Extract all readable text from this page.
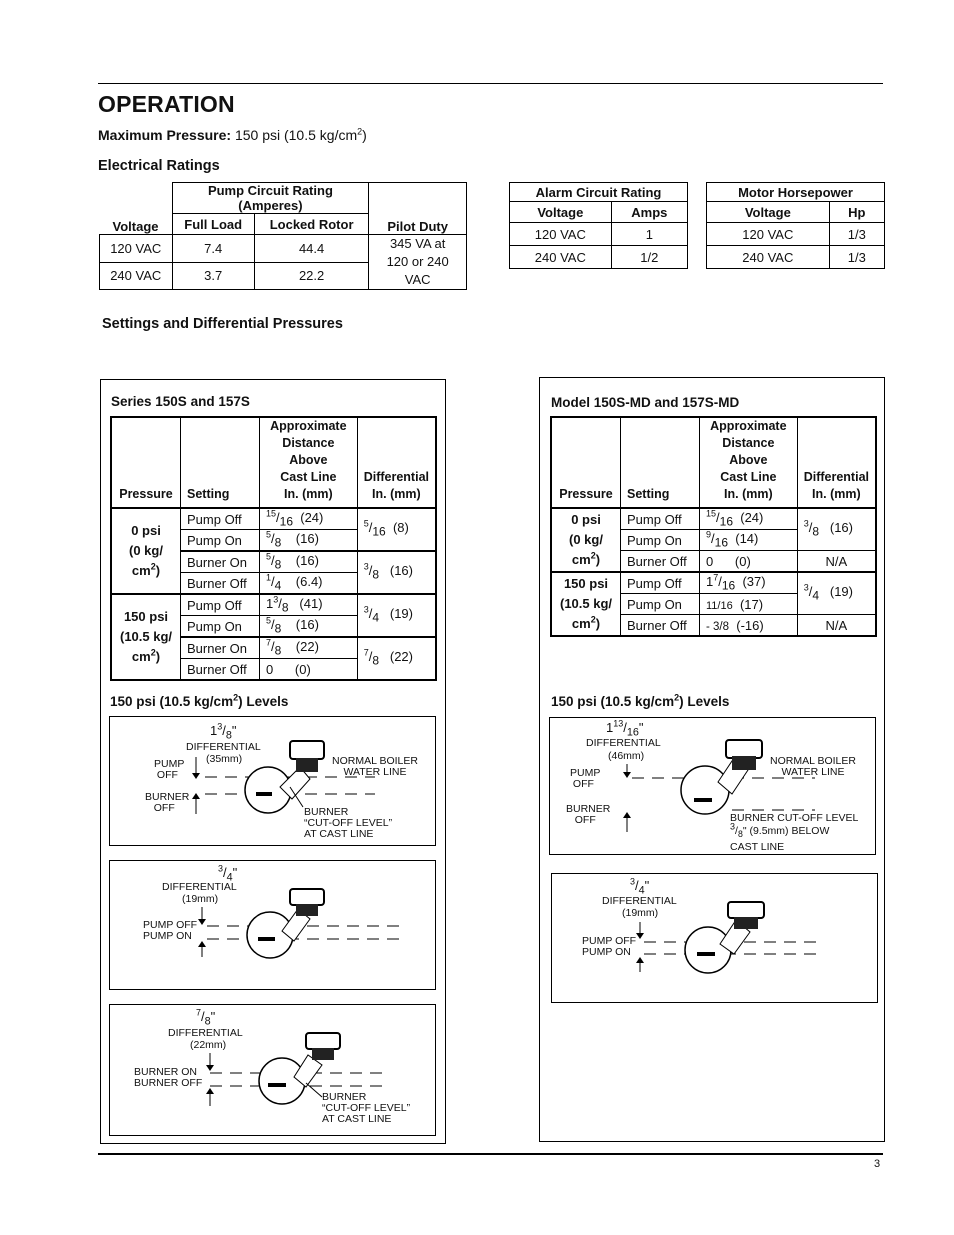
OPERATION
Maximum Pressure: 150 psi (10.5 $kg/cm^2$)
Electrical Ratings
Voltage	Pump Circuit Rating (Amperes)		Pilot Duty
	Full Load	Locked Rotor	
120 VAC	7.4	44.4	345 VA at
120 or 240 VAC
240 VAC	3.7	22.2	
Alarm Circuit Rating	
Voltage	Amps
120 VAC	1
240 VAC	1/2
Motor Horsepower	
Voltage	Hp
120 VAC	1/3
240 VAC	1/3
Settings and Differential Pressures
Series 150S and 157S
Pressure	Setting	Approximate
Distance Above
Cast Line
In. (mm)	Differential
In. (mm)
0 psi
(0 kg/
$cm^2$)	Pump Off	$^{15}/_{16}$ (24)	$^5/_{16}$ (8)
	Pump On	$^5/_8$ (16)	
	Burner On	$^5/_8$ (16)	$^3/_8$ (16)
	Burner Off	$^1/_4$ (6.4)	
150 psi
(10.5 kg/
$cm^2$)	Pump Off	$1^3/_8$ (41)	$^3/_4$ (19)
	Pump On	$^5/_8$ (16)	
	Burner On	$^7/_8$ (22)	$^7/_8$ (22)
	Burner Off	0 (0)	
150 psi (10.5 $kg/cm^2$) Levels
$1^3/_8$"
DIFFERENTIAL
(35mm)
PUMP
OFF
BURNER
OFF
NORMAL BOILER
WATER LINE
BURNER
“CUT-OFF LEVEL”
AT CAST LINE
$^3/_4$"
DIFFERENTIAL
(19mm)
PUMP OFF
PUMP ON
$^7/_8$"
DIFFERENTIAL
(22mm)
BURNER ON
BURNER OFF
BURNER
“CUT-OFF LEVEL”
AT CAST LINE
Model 150S-MD and 157S-MD
Pressure	Setting	Approximate
Distance Above
Cast Line
In. (mm)	Differential
In. (mm)
0 psi
(0 kg/
$cm^2$)	Pump Off	$^{15}/_{16}$ (24)	$^3/_8$ (16)
	Pump On	$^9/_{16}$ (14)	
	Burner Off	0 (0)	N/A
150 psi
(10.5 kg/
$cm^2$)	Pump Off	$1^7/_{16}$ (37)	$^3/_4$ (19)
	Pump On	11/16 (17)	
	Burner Off	- 3/8 (-16)	N/A
150 psi (10.5 $kg/cm^2$) Levels
$1^{13}/_{16}$"
DIFFERENTIAL
(46mm)
PUMP
OFF
BURNER
OFF
NORMAL BOILER
WATER LINE
BURNER CUT-OFF LEVEL
$^3/_8$" (9.5mm) BELOW
CAST LINE
$^3/_4$"
DIFFERENTIAL
(19mm)
PUMP OFF
PUMP ON
3
